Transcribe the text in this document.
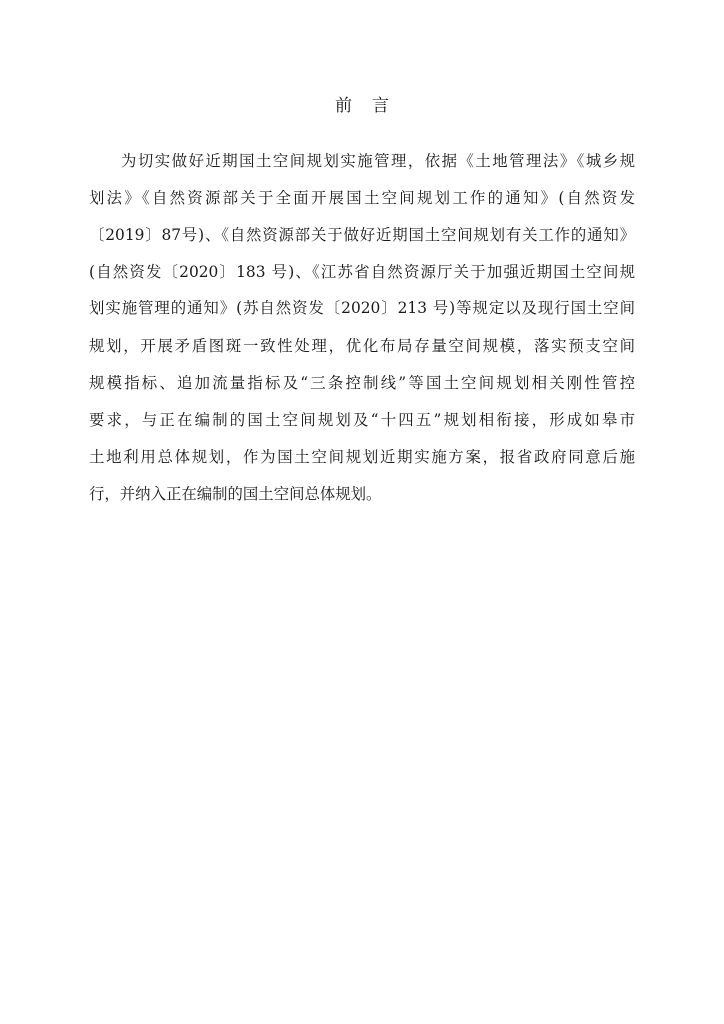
前言
为切实做好近期国土空间规划实施管理，依据《土地管理法》《城乡规
划法》《自然资源部关于全面开展国土空间规划工作的通知》(自然资发
〔2019〕87号)、《自然资源部关于做好近期国土空间规划有关工作的通知》
(自然资发〔2020〕183 号)、《江苏省自然资源厅关于加强近期国土空间规
划实施管理的通知》(苏自然资发〔2020〕213 号)等规定以及现行国土空间
规划，开展矛盾图斑一致性处理，优化布局存量空间规模，落实预支空间
规模指标、追加流量指标及“三条控制线”等国土空间规划相关刚性管控
要求，与正在编制的国土空间规划及“十四五”规划相衔接，形成如皋市
土地利用总体规划，作为国土空间规划近期实施方案，报省政府同意后施
行，并纳入正在编制的国土空间总体规划。
